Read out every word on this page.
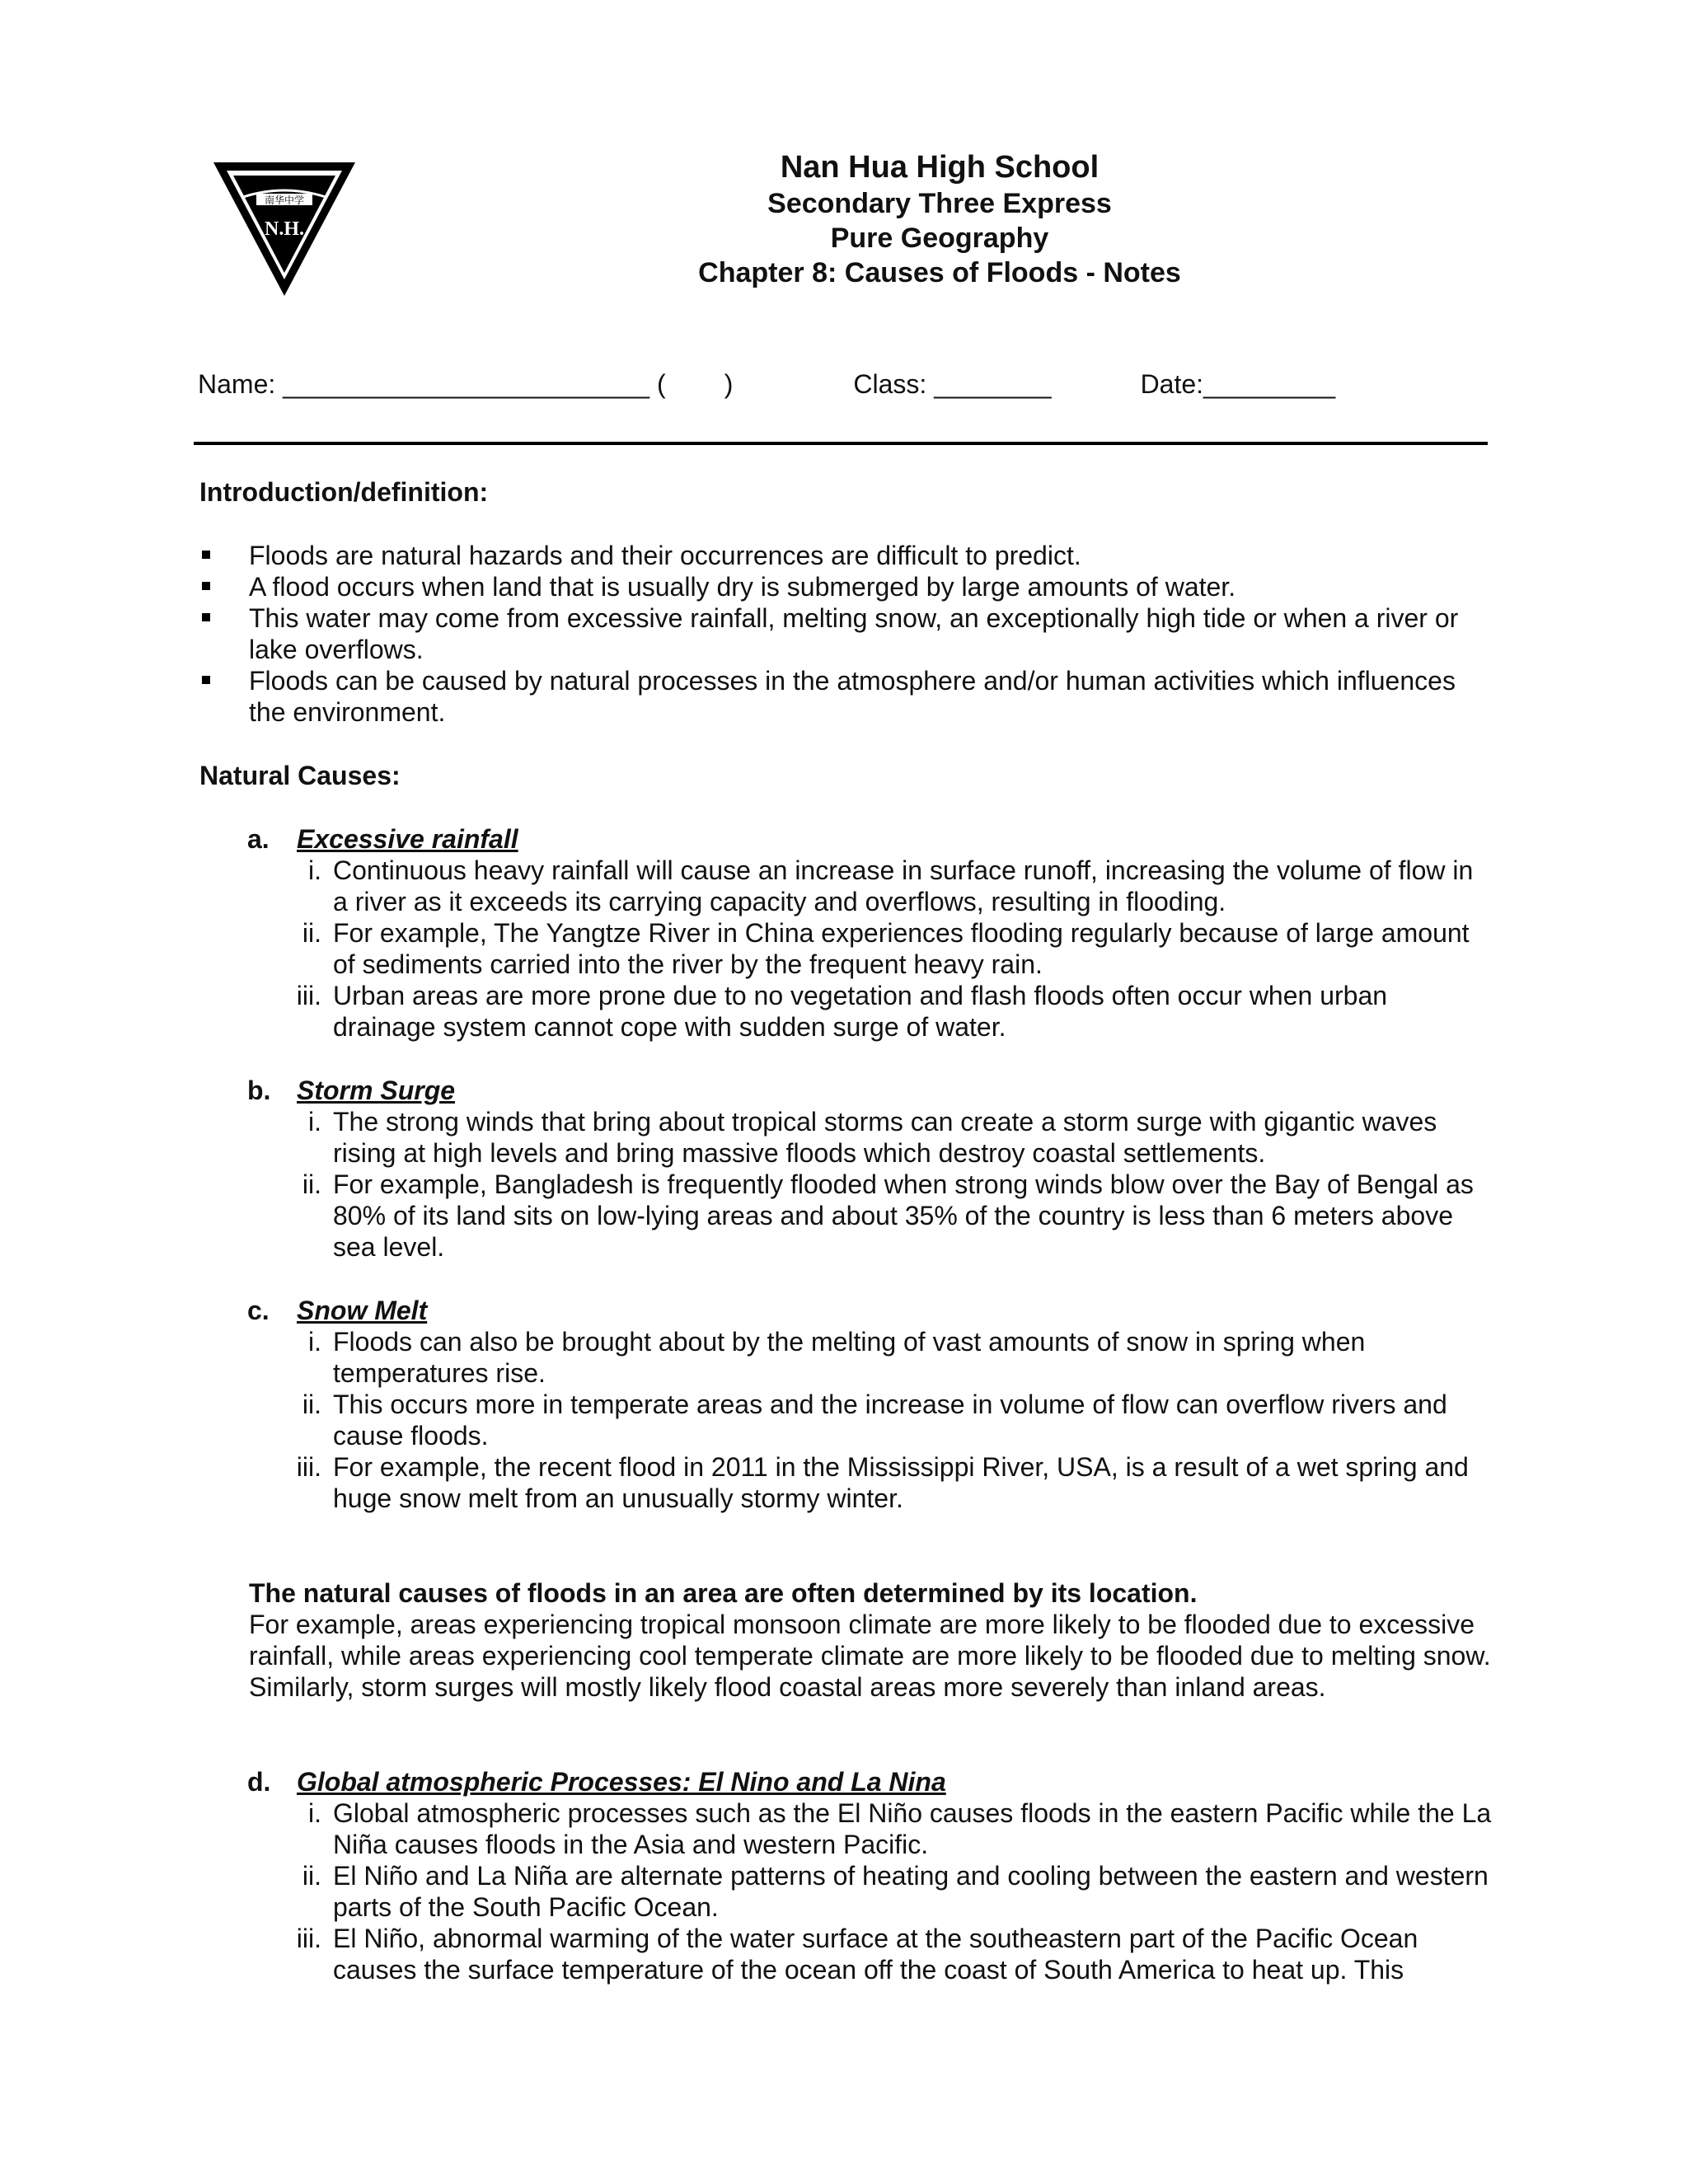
南华中学
N.H.
Nan Hua High School
Secondary Three Express
Pure Geography
Chapter 8: Causes of Floods - Notes
Name: _________________________ (        )	Class: ________	Date:_________

Introduction/definition:

Floods are natural hazards and their occurrences are difficult to predict.
A flood occurs when land that is usually dry is submerged by large amounts of water.
This water may come from excessive rainfall, melting snow, an exceptionally high tide or when a river or lake overflows.
Floods can be caused by natural processes in the atmosphere and/or human activities which influences the environment.

Natural Causes:

a. Excessive rainfall
i. Continuous heavy rainfall will cause an increase in surface runoff, increasing the volume of flow in a river as it exceeds its carrying capacity and overflows, resulting in flooding.
ii. For example, The Yangtze River in China experiences flooding regularly because of large amount of sediments carried into the river by the frequent heavy rain.
iii. Urban areas are more prone due to no vegetation and flash floods often occur when urban drainage system cannot cope with sudden surge of water.
b. Storm Surge
i. The strong winds that bring about tropical storms can create a storm surge with gigantic waves rising at high levels and bring massive floods which destroy coastal settlements.
ii. For example, Bangladesh is frequently flooded when strong winds blow over the Bay of Bengal as 80% of its land sits on low-lying areas and about 35% of the country is less than 6 meters above sea level.
c. Snow Melt
i. Floods can also be brought about by the melting of vast amounts of snow in spring when temperatures rise.
ii. This occurs more in temperate areas and the increase in volume of flow can overflow rivers and cause floods.
iii. For example, the recent flood in 2011 in the Mississippi River, USA, is a result of a wet spring and huge snow melt from an unusually stormy winter.
The natural causes of floods in an area are often determined by its location.
For example, areas experiencing tropical monsoon climate are more likely to be flooded due to excessive rainfall, while areas experiencing cool temperate climate are more likely to be flooded due to melting snow. Similarly, storm surges will mostly likely flood coastal areas more severely than inland areas.
d. Global atmospheric Processes: El Nino and La Nina
i. Global atmospheric processes such as the El Niño causes floods in the eastern Pacific while the La Niña causes floods in the Asia and western Pacific.
ii. El Niño and La Niña are alternate patterns of heating and cooling between the eastern and western parts of the South Pacific Ocean.
iii. El Niño, abnormal warming of the water surface at the southeastern part of the Pacific Ocean causes the surface temperature of the ocean off the coast of South America to heat up. This
